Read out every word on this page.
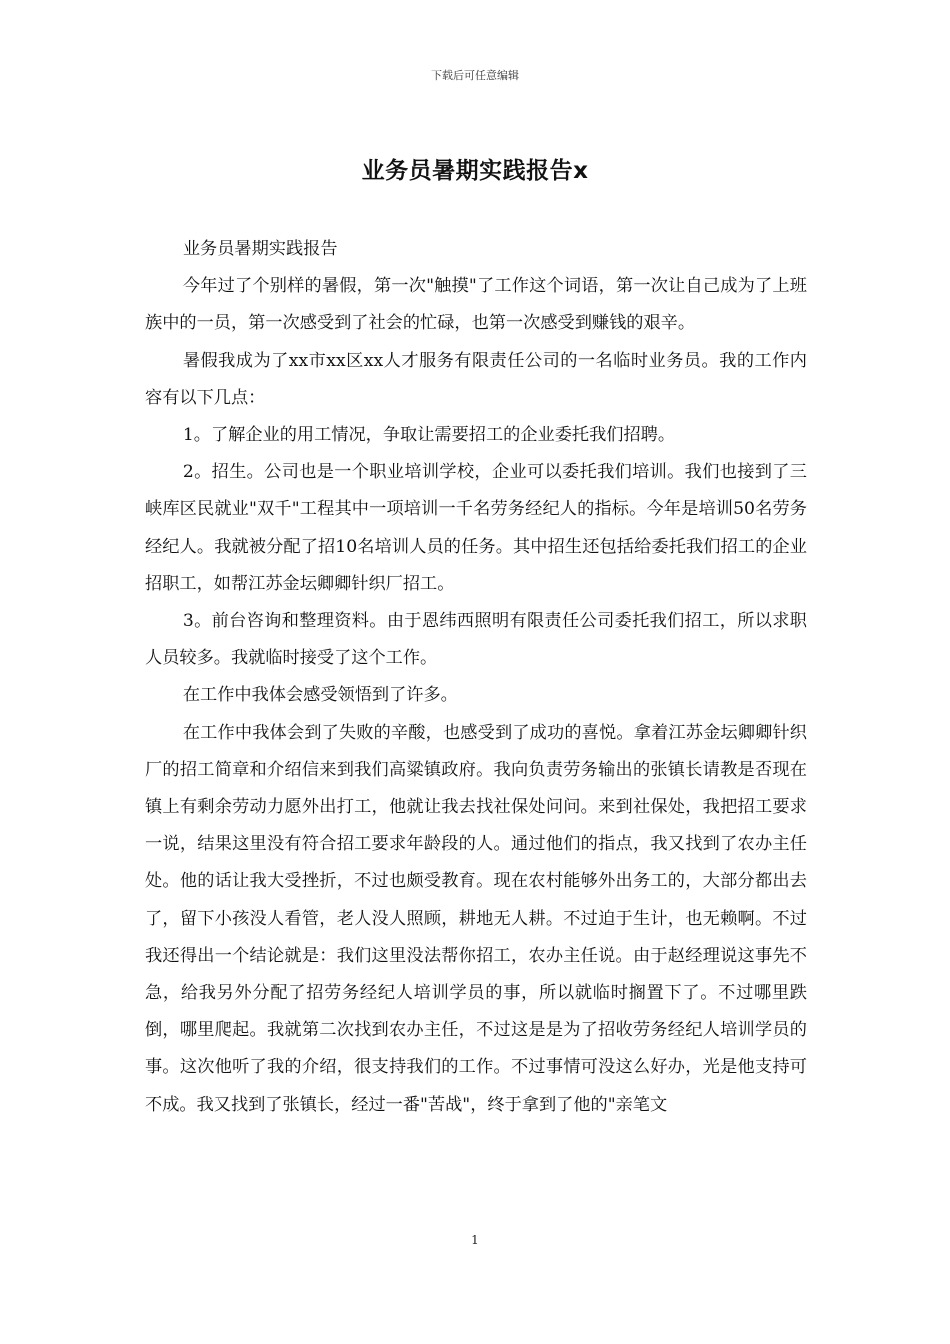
下载后可任意编辑
业务员暑期实践报告x

业务员暑期实践报告

今年过了个别样的暑假，第一次"触摸"了工作这个词语，第一次让自己成为了上班族中的一员，第一次感受到了社会的忙碌，也第一次感受到赚钱的艰辛。

暑假我成为了xx市xx区xx人才服务有限责任公司的一名临时业务员。我的工作内容有以下几点：

1。了解企业的用工情况，争取让需要招工的企业委托我们招聘。

2。招生。公司也是一个职业培训学校，企业可以委托我们培训。我们也接到了三峡库区民就业"双千"工程其中一项培训一千名劳务经纪人的指标。今年是培训50名劳务经纪人。我就被分配了招10名培训人员的任务。其中招生还包括给委托我们招工的企业招职工，如帮江苏金坛卿卿针织厂招工。

3。前台咨询和整理资料。由于恩纬西照明有限责任公司委托我们招工，所以求职人员较多。我就临时接受了这个工作。

在工作中我体会感受领悟到了许多。

在工作中我体会到了失败的辛酸，也感受到了成功的喜悦。拿着江苏金坛卿卿针织厂的招工简章和介绍信来到我们高粱镇政府。我向负责劳务输出的张镇长请教是否现在镇上有剩余劳动力愿外出打工，他就让我去找社保处问问。来到社保处，我把招工要求一说，结果这里没有符合招工要求年龄段的人。通过他们的指点，我又找到了农办主任处。他的话让我大受挫折，不过也颇受教育。现在农村能够外出务工的，大部分都出去了，留下小孩没人看管，老人没人照顾，耕地无人耕。不过迫于生计，也无赖啊。不过我还得出一个结论就是：我们这里没法帮你招工，农办主任说。由于赵经理说这事先不急，给我另外分配了招劳务经纪人培训学员的事，所以就临时搁置下了。不过哪里跌倒，哪里爬起。我就第二次找到农办主任，不过这是是为了招收劳务经纪人培训学员的事。这次他听了我的介绍，很支持我们的工作。不过事情可没这么好办，光是他支持可不成。我又找到了张镇长，经过一番"苦战"，终于拿到了他的"亲笔文

1
